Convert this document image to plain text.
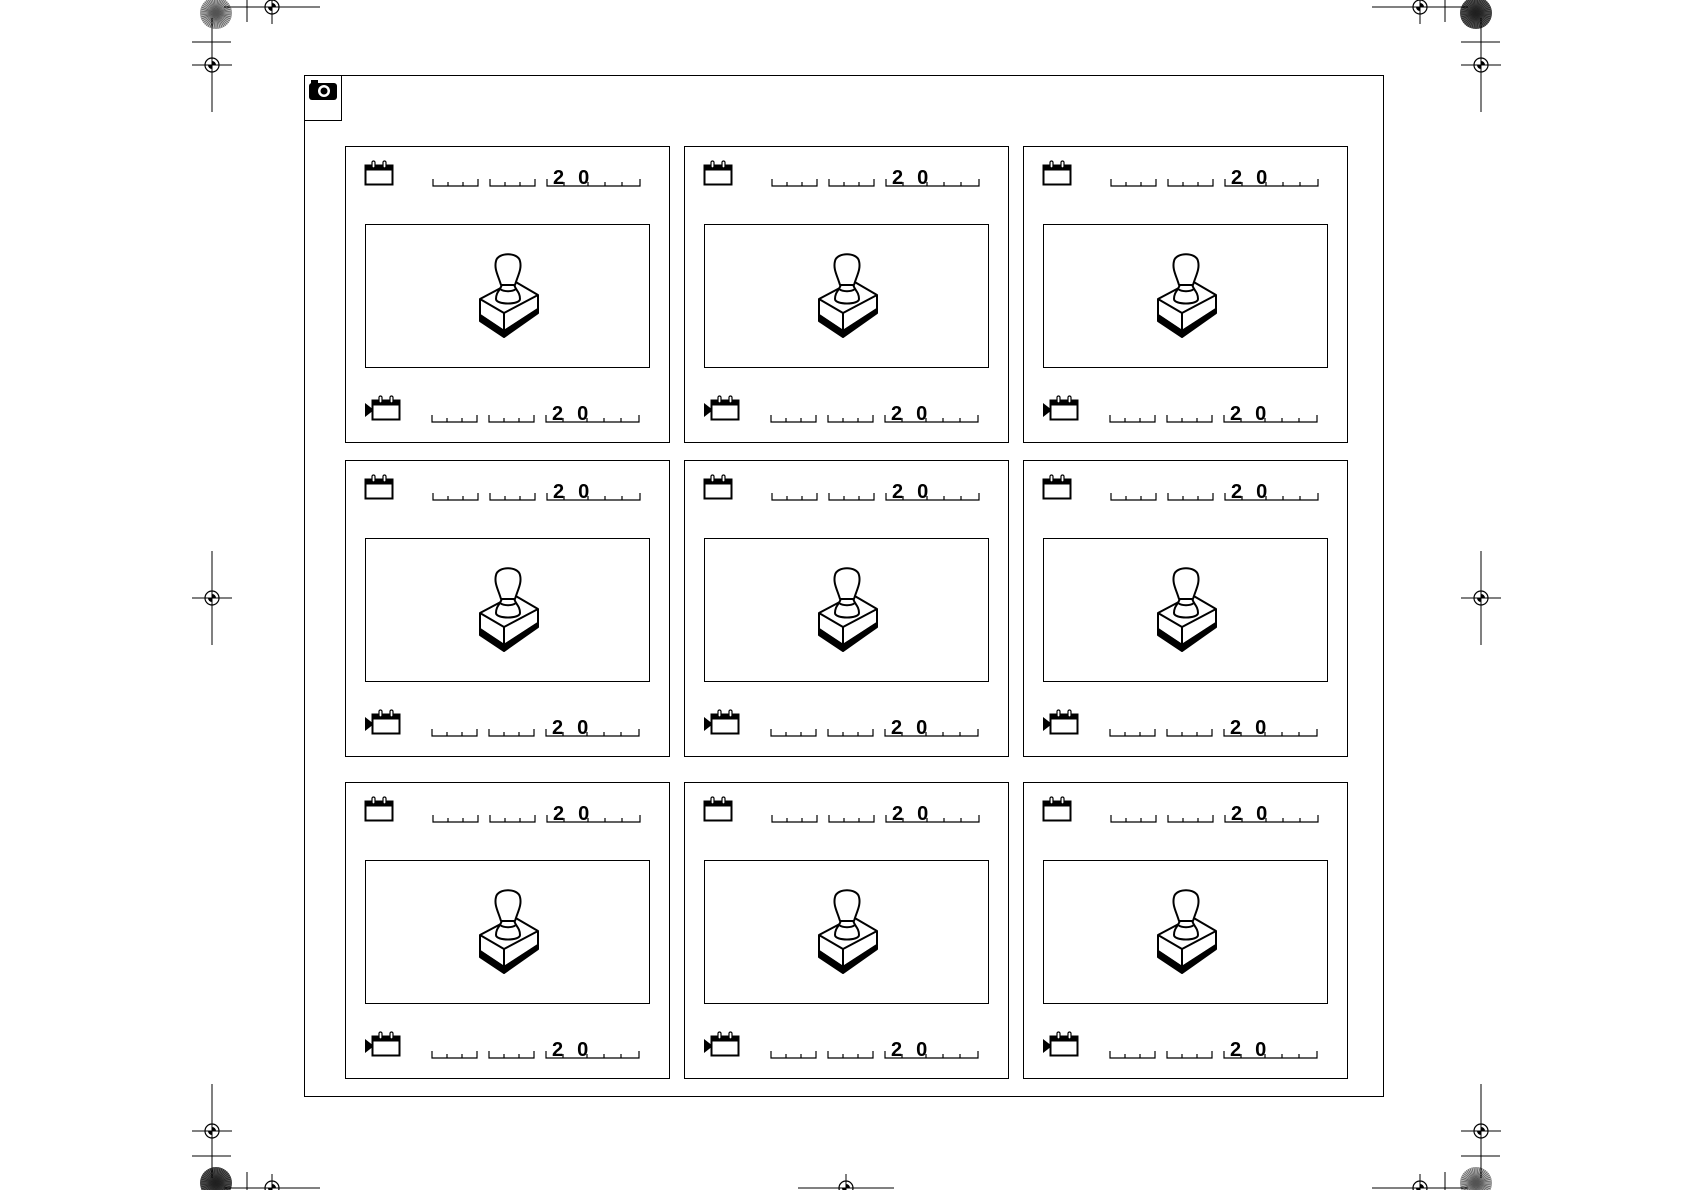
20
20
20
20
20
20
20
20
20
20
20
20
20
20
20
20
20
20
